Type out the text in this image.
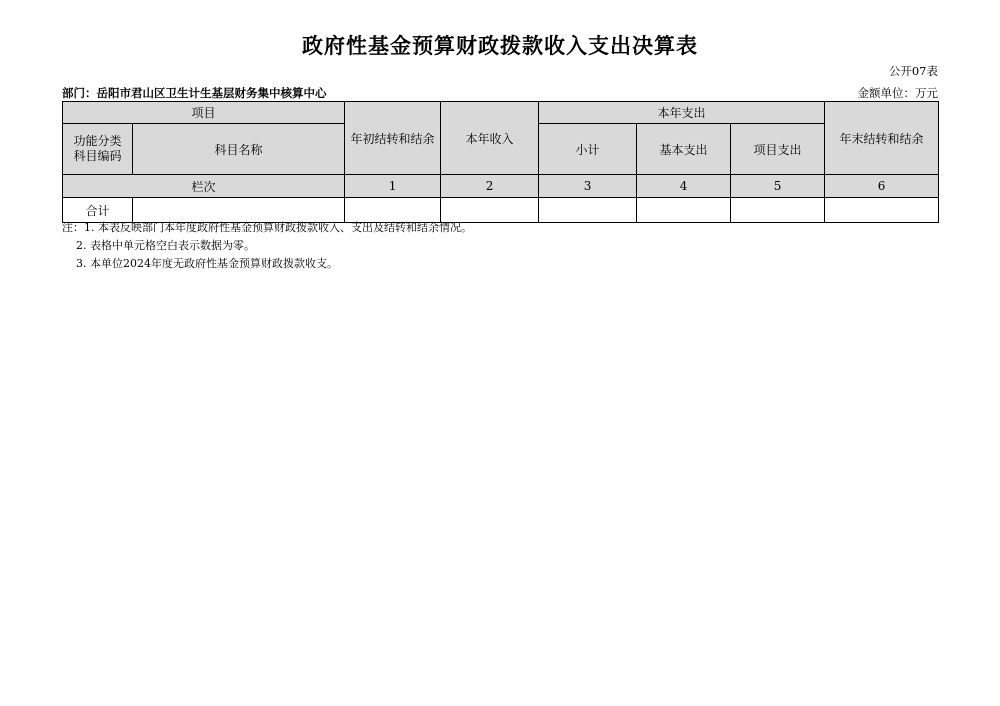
政府性基金预算财政拨款收入支出决算表
公开07表
部门：岳阳市君山区卫生计生基层财务集中核算中心	金额单位：万元
项目		年初结转和结余	本年收入	本年支出			年末结转和结余
功能分类
科目编码	科目名称			小计	基本支出	项目支出	
栏次		1	2	3	4	5	6
合计							
注：1. 本表反映部门本年度政府性基金预算财政拨款收入、支出及结转和结余情况。
2. 表格中单元格空白表示数据为零。
3. 本单位2024年度无政府性基金预算财政拨款收支。
